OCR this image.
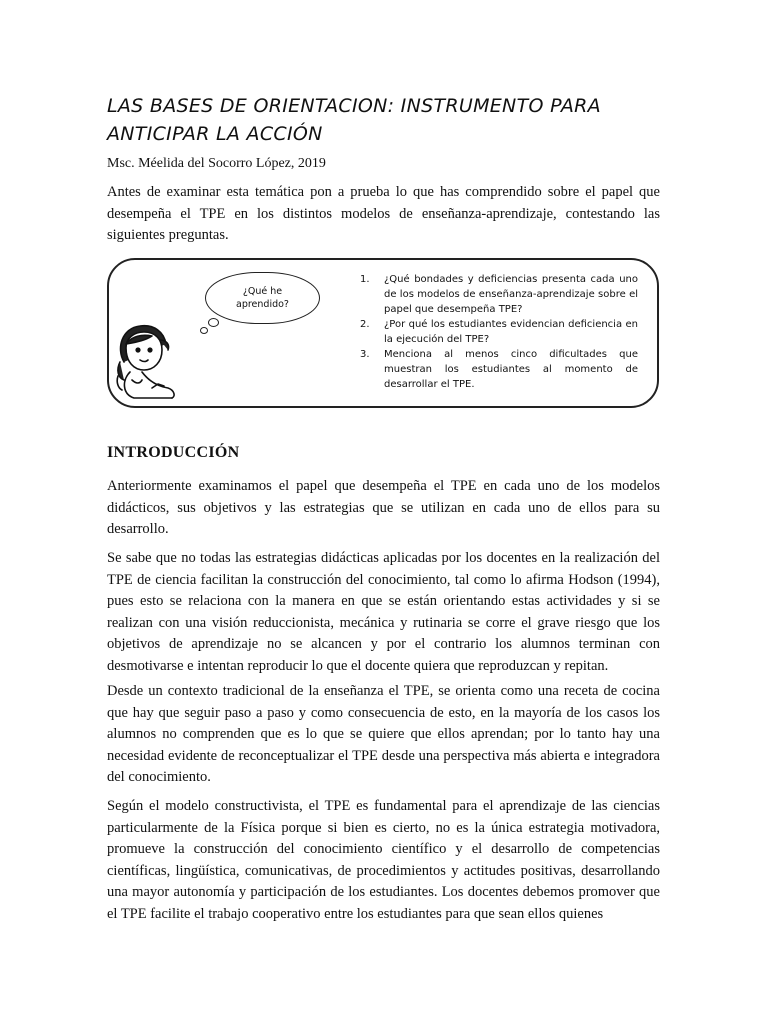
LAS BASES DE ORIENTACION: INSTRUMENTO PARA ANTICIPAR LA ACCIÓN

Msc. Méelida del Socorro López, 2019

Antes de examinar esta temática pon a prueba lo que has comprendido sobre el papel que desempeña el TPE en los distintos modelos de enseñanza-aprendizaje, contestando las siguientes preguntas.

¿Qué he aprendido?
1. ¿Qué bondades y deficiencias presenta cada uno de los modelos de enseñanza-aprendizaje sobre el papel que desempeña TPE?
2. ¿Por qué los estudiantes evidencian deficiencia en la ejecución del TPE?
3. Menciona al menos cinco dificultades que muestran los estudiantes al momento de desarrollar el TPE.
INTRODUCCIÓN

Anteriormente examinamos el papel que desempeña el TPE en cada uno de los modelos didácticos, sus objetivos y las estrategias que se utilizan en cada uno de ellos para su desarrollo.

Se sabe que no todas las estrategias didácticas aplicadas por los docentes en la realización del TPE de ciencia facilitan la construcción del conocimiento, tal como lo afirma Hodson (1994), pues esto se relaciona con la manera en que se están orientando estas actividades y si se realizan con una visión reduccionista, mecánica y rutinaria se corre el grave riesgo que los objetivos de aprendizaje no se alcancen y por el contrario los alumnos terminan con desmotivarse e intentan reproducir lo que el docente quiera que reproduzcan y repitan.

Desde un contexto tradicional de la enseñanza el TPE, se orienta como una receta de cocina que hay que seguir paso a paso y como consecuencia de esto, en la mayoría de los casos los alumnos no comprenden que es lo que se quiere que ellos aprendan; por lo tanto hay una necesidad evidente de reconceptualizar el TPE desde una perspectiva más abierta e integradora del conocimiento.

Según el modelo constructivista, el TPE es fundamental para el aprendizaje de las ciencias particularmente de la Física porque si bien es cierto, no es la única estrategia motivadora, promueve la construcción del conocimiento científico y el desarrollo de competencias científicas, lingüística, comunicativas, de procedimientos y actitudes positivas, desarrollando una mayor autonomía y participación de los estudiantes. Los docentes debemos promover que el TPE facilite el trabajo cooperativo entre los estudiantes para que sean ellos quienes
